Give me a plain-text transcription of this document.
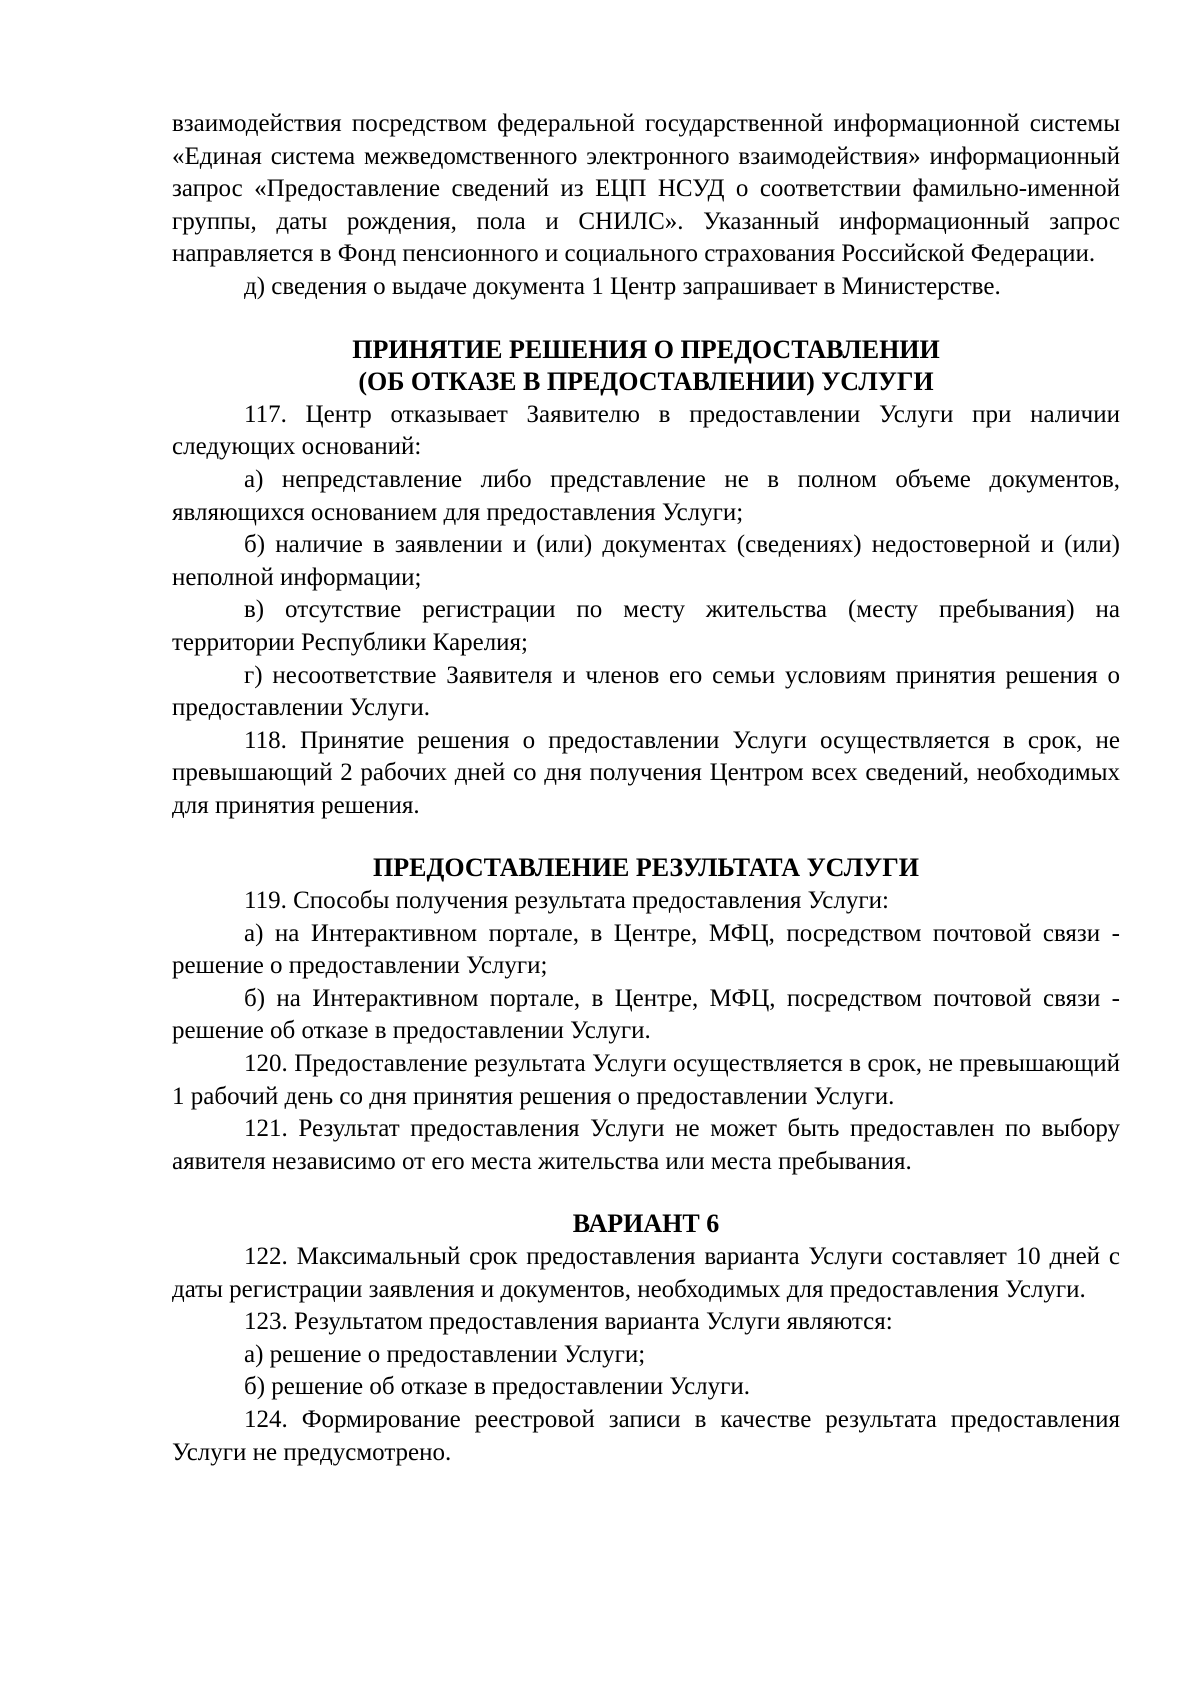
взаимодействия посредством федеральной государственной информационной системы «Единая система межведомственного электронного взаимодействия» информационный запрос «Предоставление сведений из ЕЦП НСУД о соответствии фамильно-именной группы, даты рождения, пола и СНИЛС». Указанный информационный запрос направляется в Фонд пенсионного и социального страхования Российской Федерации.

д) сведения о выдаче документа 1 Центр запрашивает в Министерстве.

ПРИНЯТИЕ РЕШЕНИЯ О ПРЕДОСТАВЛЕНИИ
(ОБ ОТКАЗЕ В ПРЕДОСТАВЛЕНИИ) УСЛУГИ

117. Центр отказывает Заявителю в предоставлении Услуги при наличии следующих оснований:

а) непредставление либо представление не в полном объеме документов, являющихся основанием для предоставления Услуги;

б) наличие в заявлении и (или) документах (сведениях) недостоверной и (или) неполной информации;

в) отсутствие регистрации по месту жительства (месту пребывания) на территории Республики Карелия;

г) несоответствие Заявителя и членов его семьи условиям принятия решения о предоставлении Услуги.

118. Принятие решения о предоставлении Услуги осуществляется в срок, не превышающий 2 рабочих дней со дня получения Центром всех сведений, необходимых для принятия решения.

ПРЕДОСТАВЛЕНИЕ РЕЗУЛЬТАТА УСЛУГИ

119. Способы получения результата предоставления Услуги:

а) на Интерактивном портале, в Центре, МФЦ, посредством почтовой связи - решение о предоставлении Услуги;

б) на Интерактивном портале, в Центре, МФЦ, посредством почтовой связи - решение об отказе в предоставлении Услуги.

120. Предоставление результата Услуги осуществляется в срок, не превышающий 1 рабочий день со дня принятия решения о предоставлении Услуги.

121. Результат предоставления Услуги не может быть предоставлен по выбору аявителя независимо от его места жительства или места пребывания.

ВАРИАНТ 6

122. Максимальный срок предоставления варианта Услуги составляет 10 дней с даты регистрации заявления и документов, необходимых для предоставления Услуги.

123. Результатом предоставления варианта Услуги являются:

а) решение о предоставлении Услуги;

б) решение об отказе в предоставлении Услуги.

124. Формирование реестровой записи в качестве результата предоставления Услуги не предусмотрено.
